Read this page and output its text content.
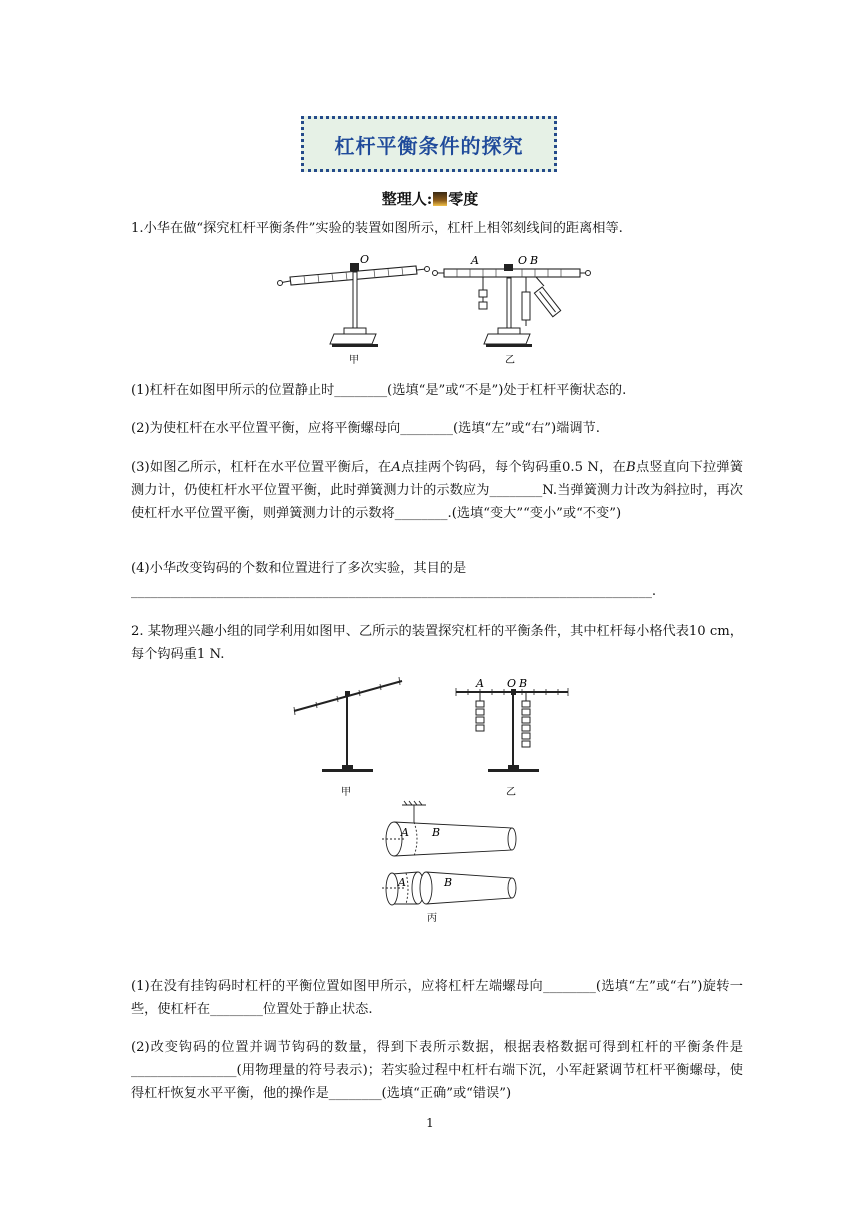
杠杆平衡条件的探究
整理人: 零度
1.小华在做“探究杠杆平衡条件”实验的装置如图所示，杠杆上相邻刻线间的距离相等.
O
甲
A	O B
乙
(1)杠杆在如图甲所示的位置静止时________(选填“是”或“不是”)处于杠杆平衡状态的.
(2)为使杠杆在水平位置平衡，应将平衡螺母向________(选填“左”或“右”)端调节.
(3)如图乙所示，杠杆在水平位置平衡后，在A点挂两个钩码，每个钩码重0.5 N，在B点竖直向下拉弹簧测力计，仍使杠杆水平位置平衡，此时弹簧测力计的示数应为________N.当弹簧测力计改为斜拉时，再次使杠杆水平位置平衡，则弹簧测力计的示数将________.(选填“变大”“变小”或“不变”)
(4)小华改变钩码的个数和位置进行了多次实验，其目的是
_______________________________________________________________________________.
2. 某物理兴趣小组的同学利用如图甲、乙所示的装置探究杠杆的平衡条件，其中杠杆每小格代表10 cm，每个钩码重1 N.
甲
A O B
乙
A B
A	B
丙
(1)在没有挂钩码时杠杆的平衡位置如图甲所示，应将杠杆左端螺母向________(选填“左”或“右”)旋转一些，使杠杆在________位置处于静止状态.
(2)改变钩码的位置并调节钩码的数量，得到下表所示数据，根据表格数据可得到杠杆的平衡条件是________________(用物理量的符号表示)；若实验过程中杠杆右端下沉，小军赶紧调节杠杆平衡螺母，使得杠杆恢复水平平衡，他的操作是________(选填“正确”或“错误”)
1
